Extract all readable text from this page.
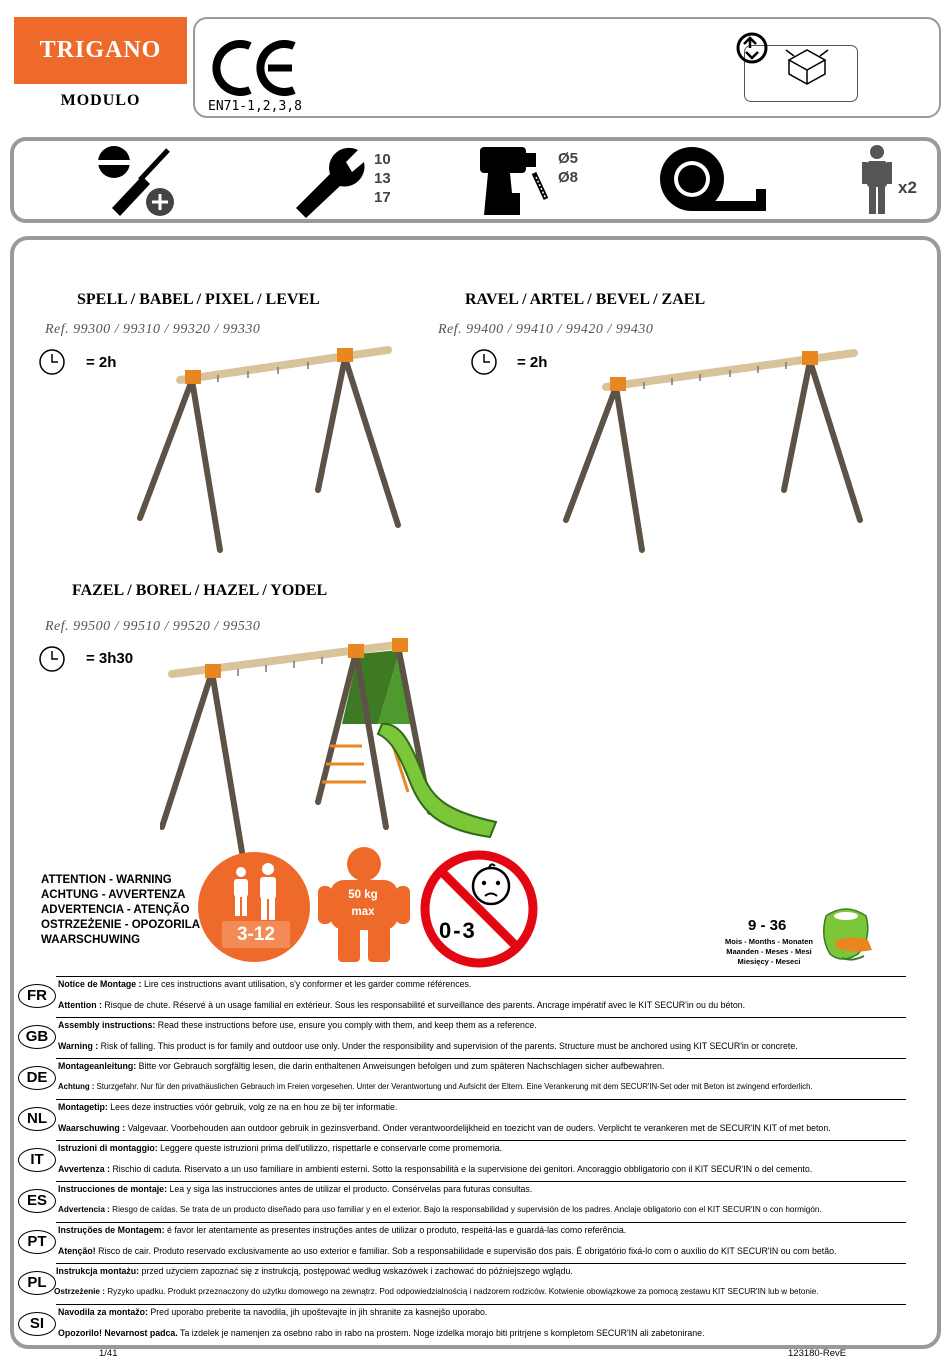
TRIGANO
MODULO	EN71-1,2,3,8
10
13
17
Ø5
Ø8
x2
SPELL / BABEL / PIXEL / LEVEL
Ref. 99300 / 99310 / 99320 / 99330
= 2h
RAVEL / ARTEL / BEVEL / ZAEL
Ref. 99400 / 99410 / 99420 / 99430
= 2h
FAZEL / BOREL / HAZEL / YODEL
Ref. 99500 / 99510 / 99520 / 99530
= 3h30
ATTENTION - WARNING
ACHTUNG - AVVERTENZA
ADVERTENCIA - ATENÇÃO
OSTRZEŻENIE - OPOZORILA
WAARSCHUWING	3-12
50 kg
max
0-3	9 - 36
Mois - Months - Monaten
Maanden - Meses - Mesi
Miesięcy - Meseci
FR
Notice de Montage : Lire ces instructions avant utilisation, s'y conformer et les garder comme références.
Attention : Risque de chute. Réservé à un usage familial en extérieur. Sous les responsabilité et surveillance des parents. Ancrage impératif avec le KIT SECUR'in ou du béton.
GB
Assembly instructions: Read these instructions before use, ensure you comply with them, and keep them as a reference.
Warning : Risk of falling. This product is for family and outdoor use only. Under the responsibility and supervision of the parents. Structure must be anchored using KIT SECUR'in or concrete.
DE
Montageanleitung: Bitte vor Gebrauch sorgfältig lesen, die darin enthaltenen Anweisungen befolgen und zum späteren Nachschlagen sicher aufbewahren.
Achtung : Sturzgefahr. Nur für den privathäuslichen Gebrauch im Freien vorgesehen. Unter der Verantwortung und Aufsicht der Eltern. Eine Verankerung mit dem SECUR'IN-Set oder mit Beton ist zwingend erforderlich.
NL
Montagetip: Lees deze instructies vóór gebruik, volg ze na en hou ze bij ter informatie.
Waarschuwing : Valgevaar. Voorbehouden aan outdoor gebruik in gezinsverband. Onder verantwoordelijkheid en toezicht van de ouders. Verplicht te verankeren met de SECUR'IN KIT of met beton.
IT
Istruzioni di montaggio: Leggere queste istruzioni prima dell'utilizzo, rispettarle e conservarle come promemoria.
Avvertenza : Rischio di caduta. Riservato a un uso familiare in ambienti esterni. Sotto la responsabilità e la supervisione dei genitori. Ancoraggio obbligatorio con il KIT SECUR'IN o del cemento.
ES
Instrucciones de montaje: Lea y siga las instrucciones antes de utilizar el producto. Consérvelas para futuras consultas.
Advertencia : Riesgo de caídas. Se trata de un producto diseñado para uso familiar y en el exterior. Bajo la responsabilidad y supervisión de los padres. Anclaje obligatorio con el KIT SECUR'IN o con hormigón.
PT
Instruções de Montagem: é favor ler atentamente as presentes instruções antes de utilizar o produto, respeitá-las e guardá-las como referência.
Atenção! Risco de cair. Produto reservado exclusivamente ao uso exterior e familiar. Sob a responsabilidade e supervisão dos pais. É obrigatório fixá-lo com o auxílio do KIT SECUR'IN ou com betão.
PL
Instrukcja montażu: przed użyciem zapoznać się z instrukcją, postępować według wskazówek i zachować do późniejszego wglądu.
Ostrzeżenie : Ryzyko upadku. Produkt przeznaczony do użytku domowego na zewnątrz. Pod odpowiedzialnością i nadzorem rodziców. Kotwienie obowiązkowe za pomocą zestawu KIT SECUR'IN lub w betonie.
SI
Navodila za montažo: Pred uporabo preberite ta navodila, jih upoštevajte in jih shranite za kasnejšo uporabo.
Opozorilo! Nevarnost padca. Ta izdelek je namenjen za osebno rabo in rabo na prostem. Noge izdelka morajo biti pritrjene s kompletom SECUR'IN ali zabetonirane.
1/41	123180-RevE
